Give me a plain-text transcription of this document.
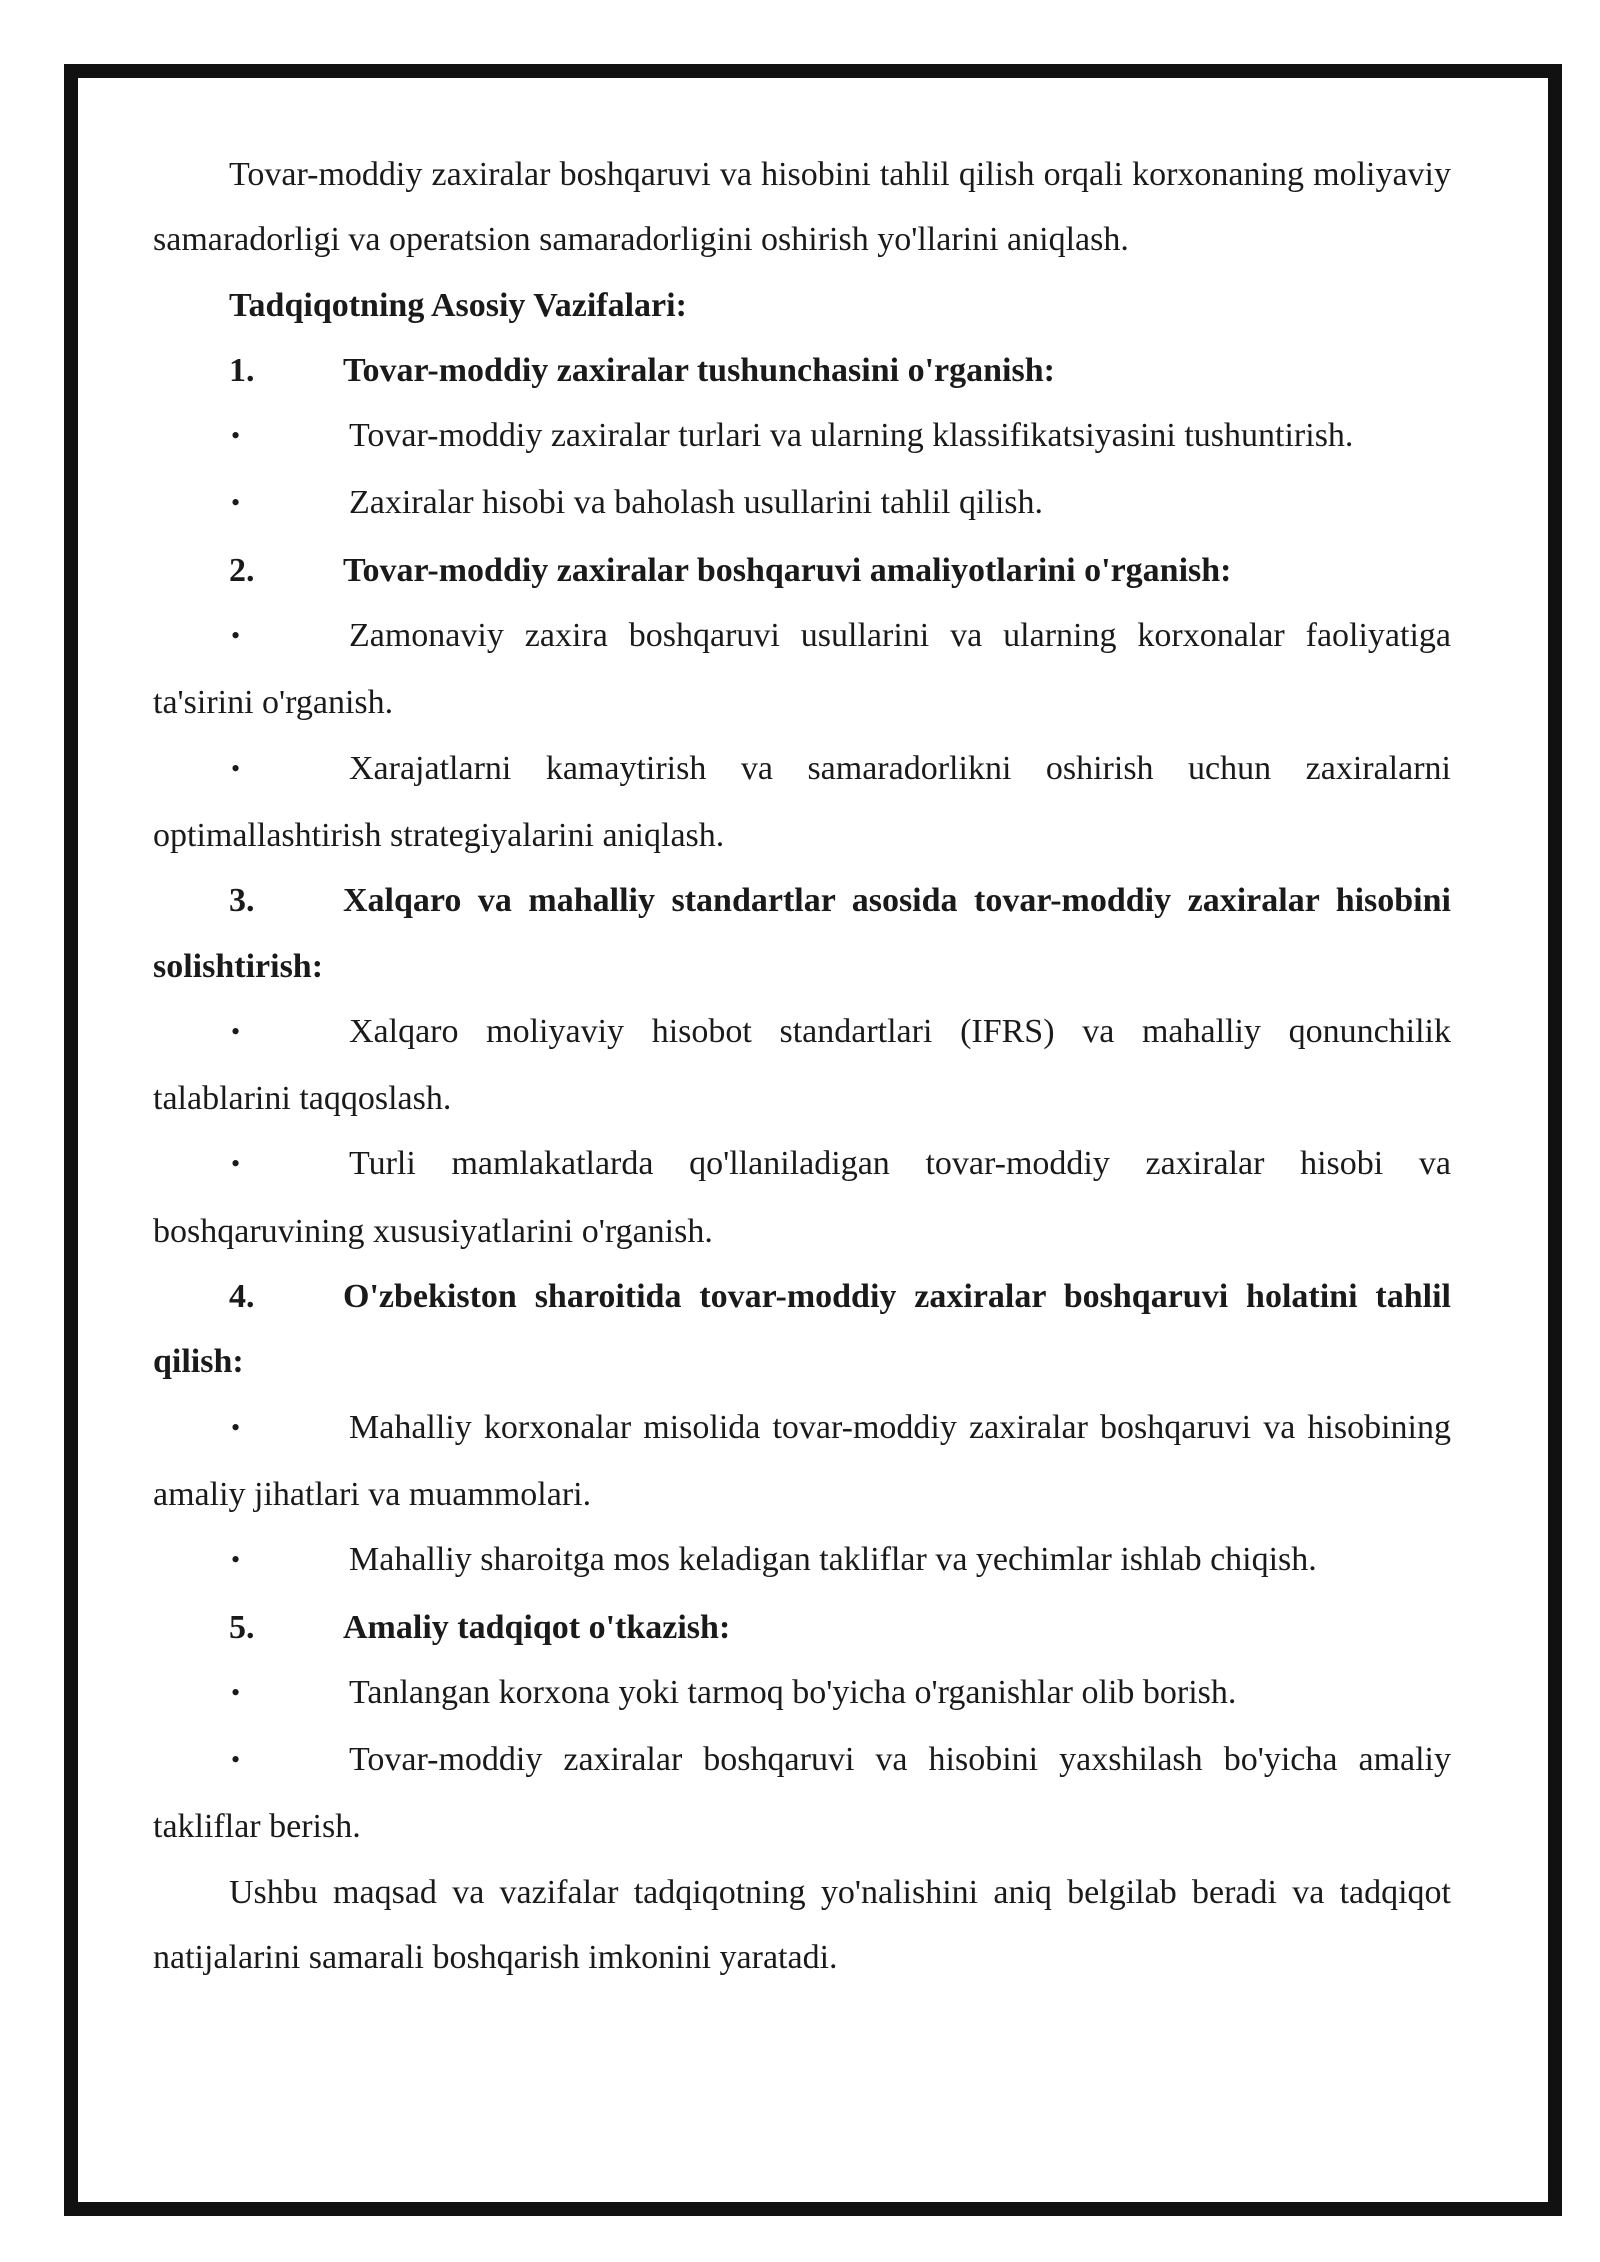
Tovar-moddiy zaxiralar boshqaruvi va hisobini tahlil qilish orqali korxonaning moliyaviy samaradorligi va operatsion samaradorligini oshirish yo'llarini aniqlash.

Tadqiqotning Asosiy Vazifalari:

1.	Tovar-moddiy zaxiralar tushunchasini o'rganish:

•	Tovar-moddiy zaxiralar turlari va ularning klassifikatsiyasini tushuntirish.

•	Zaxiralar hisobi va baholash usullarini tahlil qilish.

2.	Tovar-moddiy zaxiralar boshqaruvi amaliyotlarini o'rganish:

•	Zamonaviy zaxira boshqaruvi usullarini va ularning korxonalar faoliyatiga ta'sirini o'rganish.

•	Xarajatlarni kamaytirish va samaradorlikni oshirish uchun zaxiralarni optimallashtirish strategiyalarini aniqlash.

3.	Xalqaro va mahalliy standartlar asosida tovar-moddiy zaxiralar hisobini solishtirish:

•	Xalqaro moliyaviy hisobot standartlari (IFRS) va mahalliy qonunchilik talablarini taqqoslash.

•	Turli mamlakatlarda qo'llaniladigan tovar-moddiy zaxiralar hisobi va boshqaruvining xususiyatlarini o'rganish.

4.	O'zbekiston sharoitida tovar-moddiy zaxiralar boshqaruvi holatini tahlil qilish:

•	Mahalliy korxonalar misolida tovar-moddiy zaxiralar boshqaruvi va hisobining amaliy jihatlari va muammolari.

•	Mahalliy sharoitga mos keladigan takliflar va yechimlar ishlab chiqish.

5.	Amaliy tadqiqot o'tkazish:

•	Tanlangan korxona yoki tarmoq bo'yicha o'rganishlar olib borish.

•	Tovar-moddiy zaxiralar boshqaruvi va hisobini yaxshilash bo'yicha amaliy takliflar berish.

Ushbu maqsad va vazifalar tadqiqotning yo'nalishini aniq belgilab beradi va tadqiqot natijalarini samarali boshqarish imkonini yaratadi.
